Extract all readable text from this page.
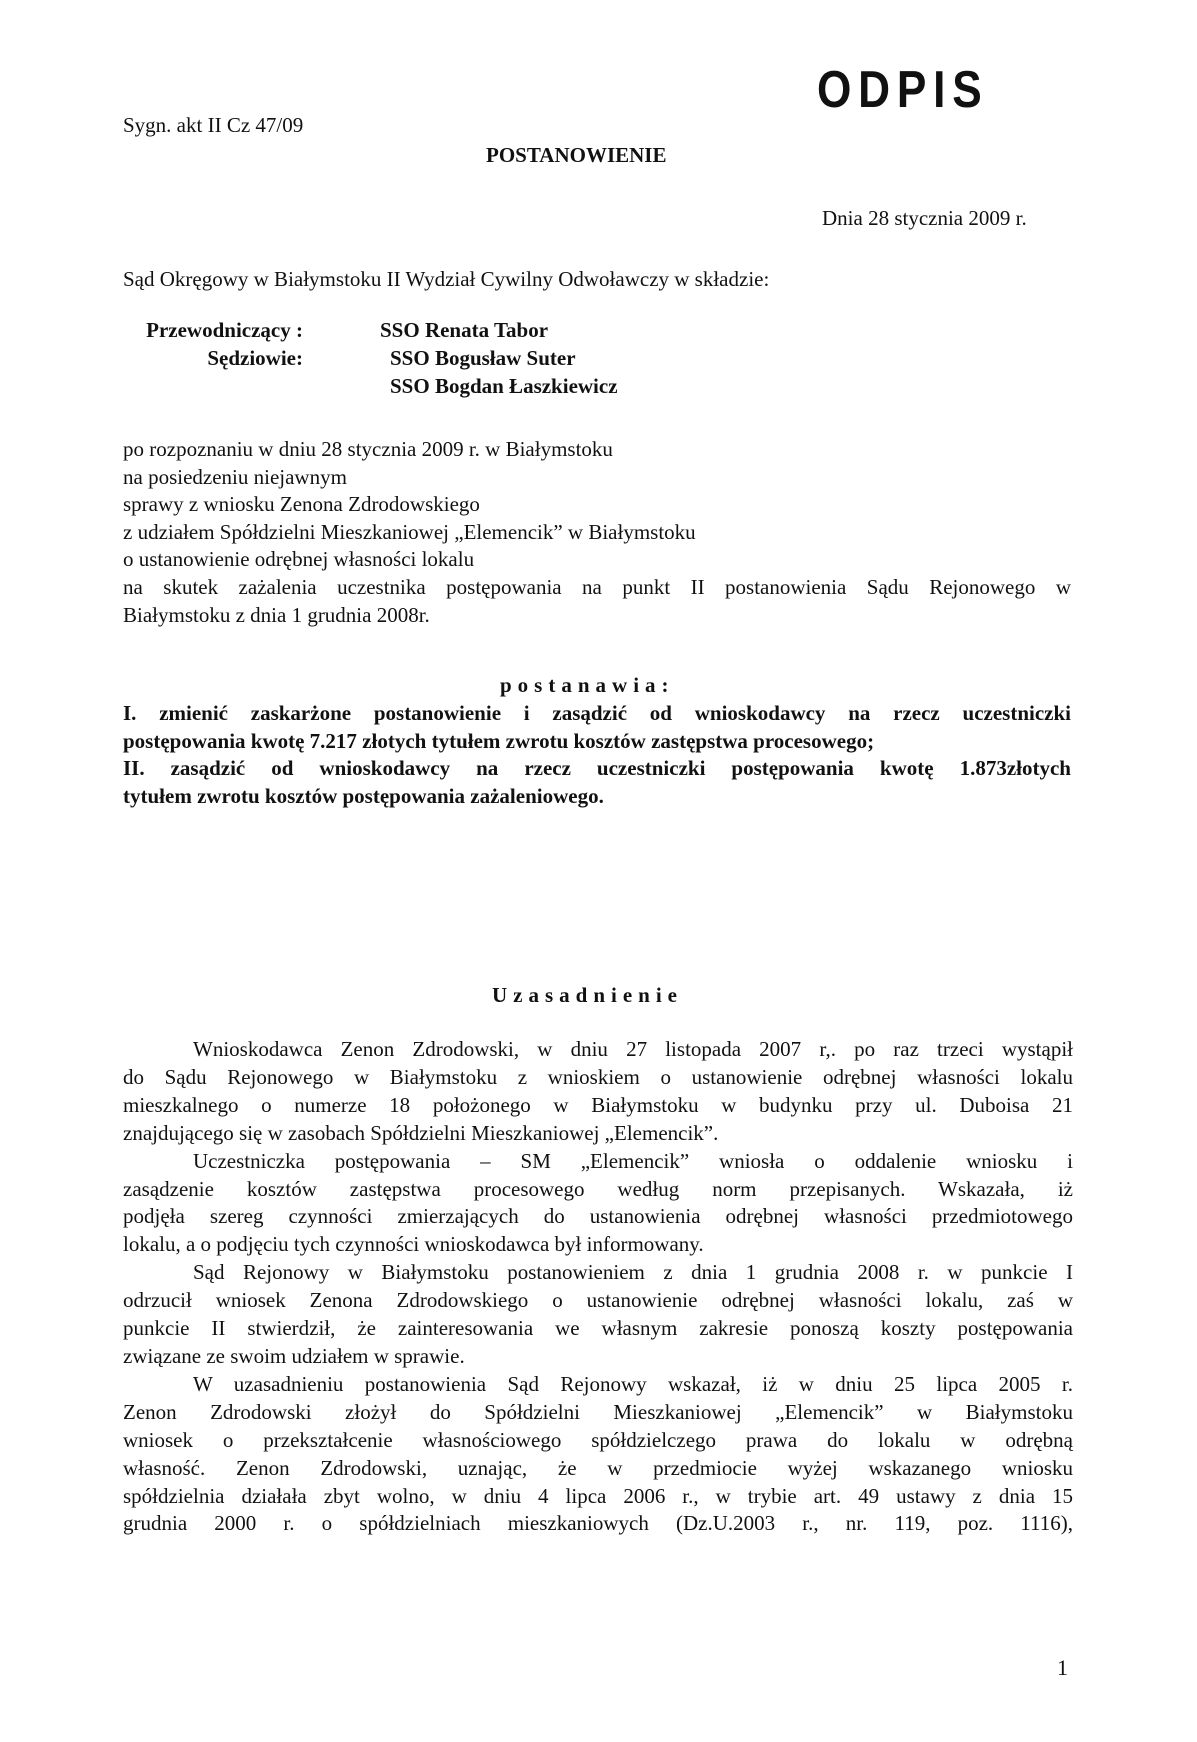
Sygn. akt II Cz 47/09
ODPIS
POSTANOWIENIE
Dnia 28 stycznia 2009 r.
Sąd Okręgowy w Białymstoku II Wydział Cywilny Odwoławczy w składzie:
Przewodniczący :	SSO Renata Tabor
Sędziowie:	SSO Bogusław Suter
SSO Bogdan Łaszkiewicz
po rozpoznaniu w dniu 28 stycznia 2009 r. w Białymstoku
na posiedzeniu niejawnym
sprawy z wniosku Zenona Zdrodowskiego
z udziałem Spółdzielni Mieszkaniowej „Elemencik” w Białymstoku
o ustanowienie odrębnej własności lokalu
na skutek zażalenia uczestnika postępowania na punkt II postanowienia Sądu Rejonowego w
Białymstoku z dnia 1 grudnia 2008r.
postanawia:
I. zmienić zaskarżone postanowienie i zasądzić od wnioskodawcy na rzecz uczestniczki
postępowania kwotę 7.217 złotych tytułem zwrotu kosztów zastępstwa procesowego;
II. zasądzić od wnioskodawcy na rzecz uczestniczki postępowania kwotę 1.873złotych
tytułem zwrotu kosztów postępowania zażaleniowego.
Uzasadnienie
Wnioskodawca Zenon Zdrodowski, w dniu 27 listopada 2007 r,. po raz trzeci wystąpił
do Sądu Rejonowego w Białymstoku z wnioskiem o ustanowienie odrębnej własności lokalu
mieszkalnego o numerze 18 położonego w Białymstoku w budynku przy ul. Duboisa 21
znajdującego się w zasobach Spółdzielni Mieszkaniowej „Elemencik”.
Uczestniczka postępowania – SM „Elemencik” wniosła o oddalenie wniosku i
zasądzenie kosztów zastępstwa procesowego według norm przepisanych. Wskazała, iż
podjęła szereg czynności zmierzających do ustanowienia odrębnej własności przedmiotowego
lokalu, a o podjęciu tych czynności wnioskodawca był informowany.
Sąd Rejonowy w Białymstoku postanowieniem z dnia 1 grudnia 2008 r. w punkcie I
odrzucił wniosek Zenona Zdrodowskiego o ustanowienie odrębnej własności lokalu, zaś w
punkcie II stwierdził, że zainteresowania we własnym zakresie ponoszą koszty postępowania
związane ze swoim udziałem w sprawie.
W uzasadnieniu postanowienia Sąd Rejonowy wskazał, iż w dniu 25 lipca 2005 r.
Zenon Zdrodowski złożył do Spółdzielni Mieszkaniowej „Elemencik” w Białymstoku
wniosek o przekształcenie własnościowego spółdzielczego prawa do lokalu w odrębną
własność. Zenon Zdrodowski, uznając, że w przedmiocie wyżej wskazanego wniosku
spółdzielnia działała zbyt wolno, w dniu 4 lipca 2006 r., w trybie art. 49 ustawy z dnia 15
grudnia 2000 r. o spółdzielniach mieszkaniowych (Dz.U.2003 r., nr. 119, poz. 1116),
1
